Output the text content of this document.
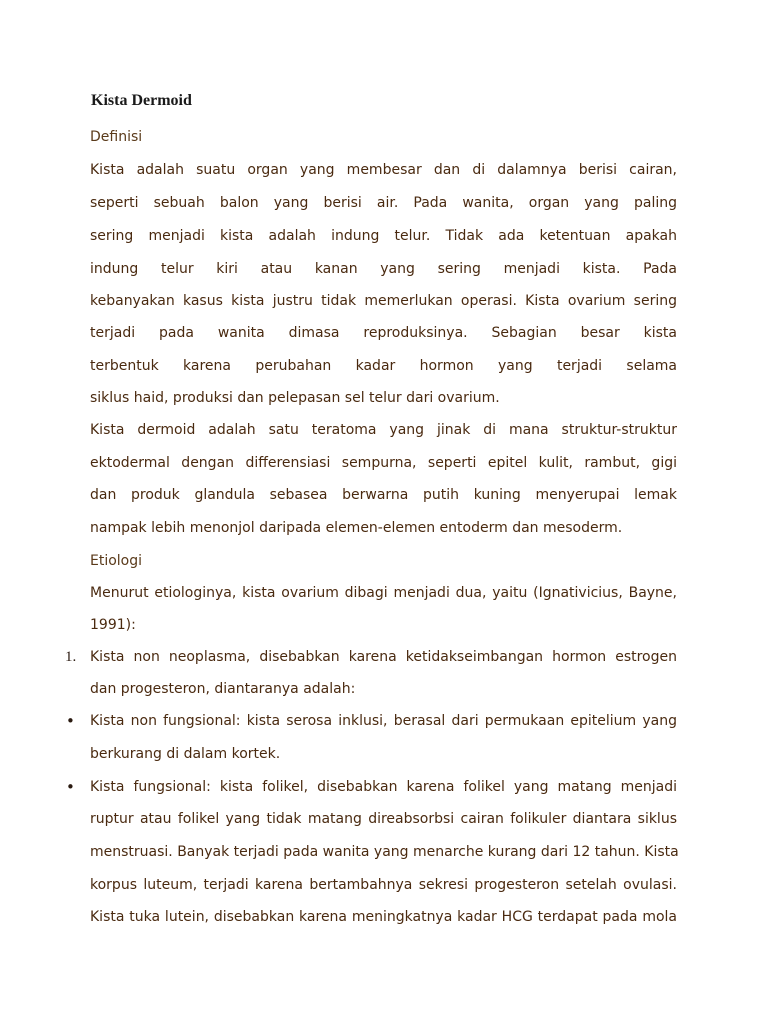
Kista Dermoid

Definisi

Kista adalah suatu organ yang membesar dan di dalamnya berisi cairan,

seperti sebuah balon yang berisi air. Pada wanita, organ yang paling

sering menjadi kista adalah indung telur. Tidak ada ketentuan apakah

indung telur kiri atau kanan yang sering menjadi kista. Pada

kebanyakan kasus kista justru tidak memerlukan operasi. Kista ovarium sering

terjadi pada wanita dimasa reproduksinya. Sebagian besar kista

terbentuk karena perubahan kadar hormon yang terjadi selama

siklus haid, produksi dan pelepasan sel telur dari ovarium.

Kista dermoid adalah satu teratoma yang jinak di mana struktur-struktur

ektodermal dengan differensiasi sempurna, seperti epitel kulit, rambut, gigi

dan produk glandula sebasea berwarna putih kuning menyerupai lemak

nampak lebih menonjol daripada elemen-elemen entoderm dan mesoderm.

Etiologi

Menurut etiologinya, kista ovarium dibagi menjadi dua, yaitu (Ignativicius, Bayne,

1991):

1. Kista non neoplasma, disebabkan karena ketidakseimbangan hormon estrogen

dan progesteron, diantaranya adalah:

• Kista non fungsional: kista serosa inklusi, berasal dari permukaan epitelium yang

berkurang di dalam kortek.

• Kista fungsional: kista folikel, disebabkan karena folikel yang matang menjadi

ruptur atau folikel yang tidak matang direabsorbsi cairan folikuler diantara siklus

menstruasi. Banyak terjadi pada wanita yang menarche kurang dari 12 tahun. Kista

korpus luteum, terjadi karena bertambahnya sekresi progesteron setelah ovulasi.

Kista tuka lutein, disebabkan karena meningkatnya kadar HCG terdapat pada mola
